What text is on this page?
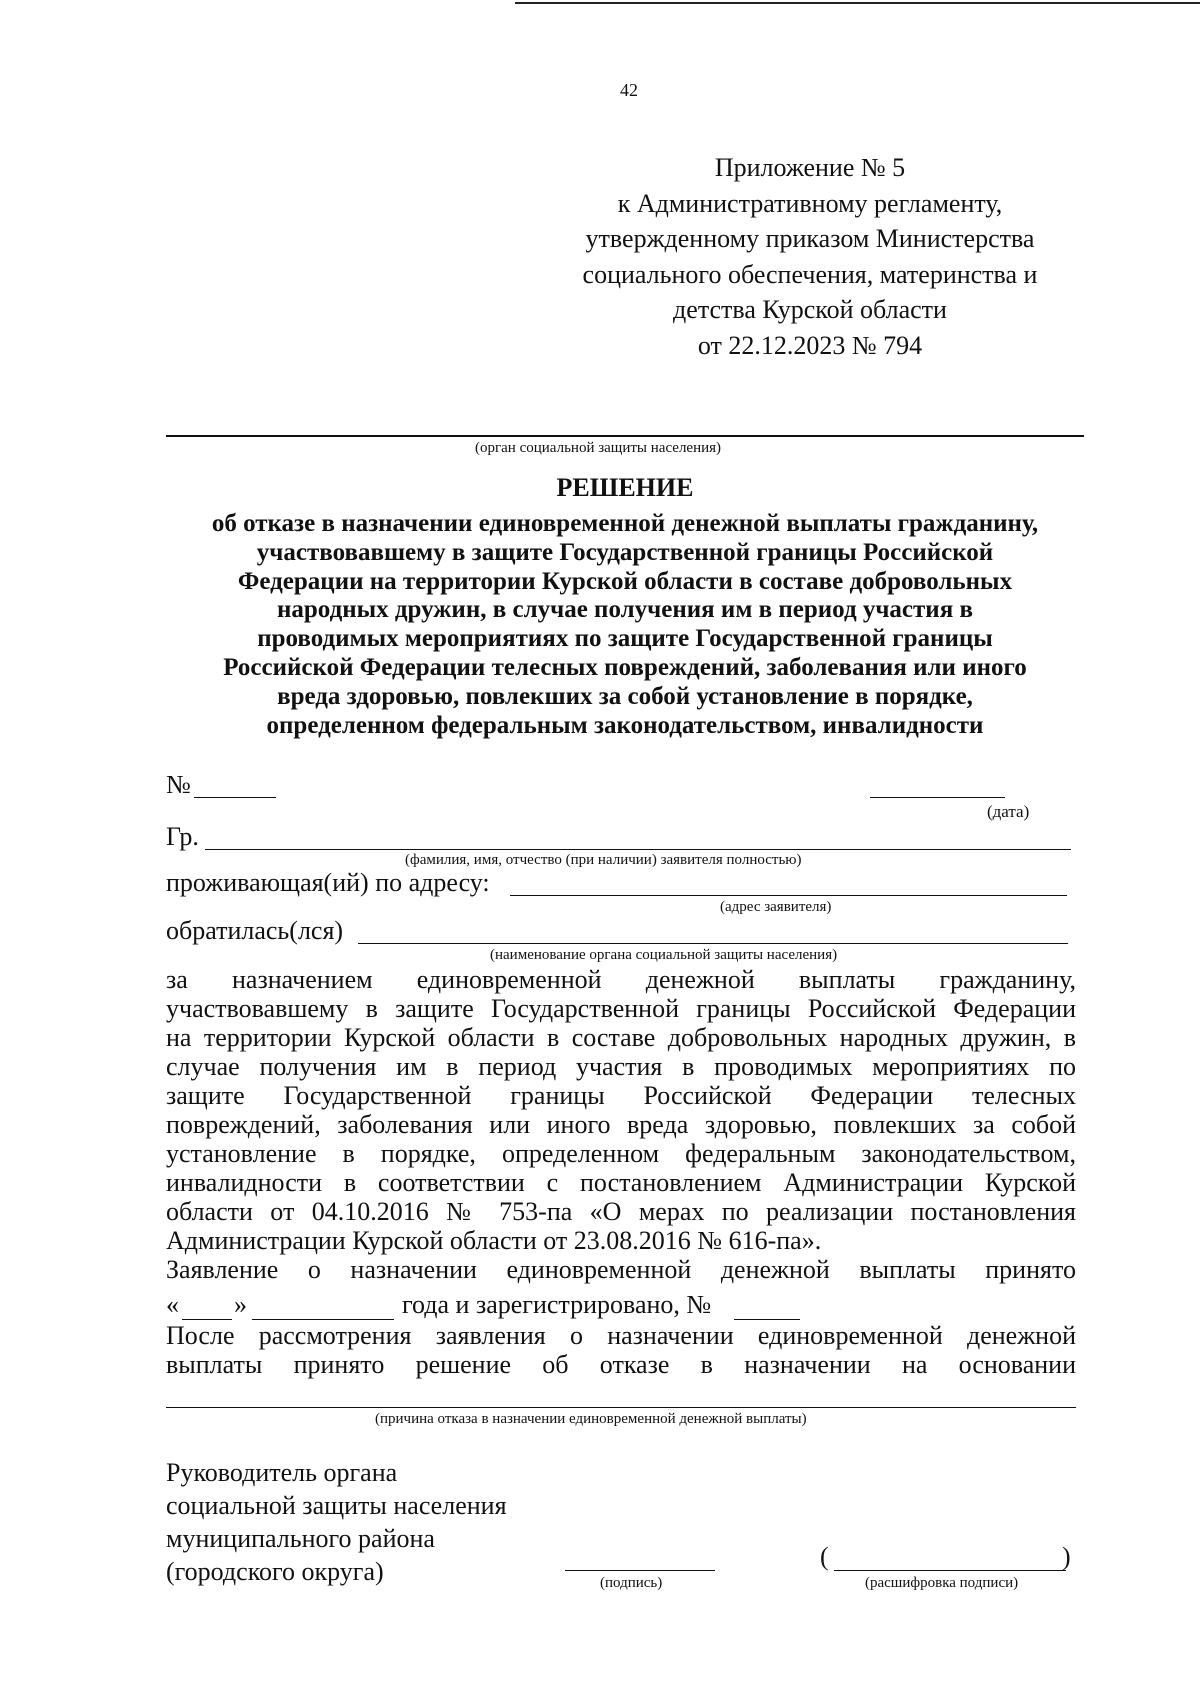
42
Приложение № 5
к Административному регламенту,
утвержденному приказом Министерства
социального обеспечения, материнства и
детства Курской области
от 22.12.2023 № 794
(орган социальной защиты населения)
РЕШЕНИЕ
об отказе в назначении единовременной денежной выплаты гражданину,
участвовавшему в защите Государственной границы Российской
Федерации на территории Курской области в составе добровольных
народных дружин, в случае получения им в период участия в
проводимых мероприятиях по защите Государственной границы
Российской Федерации телесных повреждений, заболевания или иного
вреда здоровью, повлекших за собой установление в порядке,
определенном федеральным законодательством, инвалидности
№
(дата)
Гр.
(фамилия, имя, отчество (при наличии) заявителя полностью)
проживающая(ий) по адресу:
(адрес заявителя)
обратилась(лся)
(наименование органа социальной защиты населения)
за назначением единовременной денежной выплаты гражданину,
участвовавшему в защите Государственной границы Российской Федерации
на территории Курской области в составе добровольных народных дружин, в
случае получения им в период участия в проводимых мероприятиях по
защите Государственной границы Российской Федерации телесных
повреждений, заболевания или иного вреда здоровью, повлекших за собой
установление в порядке, определенном федеральным законодательством,
инвалидности в соответствии с постановлением Администрации Курской
области от 04.10.2016 № 753-па «О мерах по реализации постановления
Администрации Курской области от 23.08.2016 № 616-па».
Заявление о назначении единовременной денежной выплаты принято
« »	года и зарегистрировано, №
После рассмотрения заявления о назначении единовременной денежной
выплаты принято решение об отказе в назначении на основании
(причина отказа в назначении единовременной денежной выплаты)
Руководитель органа
социальной защиты населения
муниципального района
(городского округа)	(подпись)
(	)
(расшифровка подписи)
